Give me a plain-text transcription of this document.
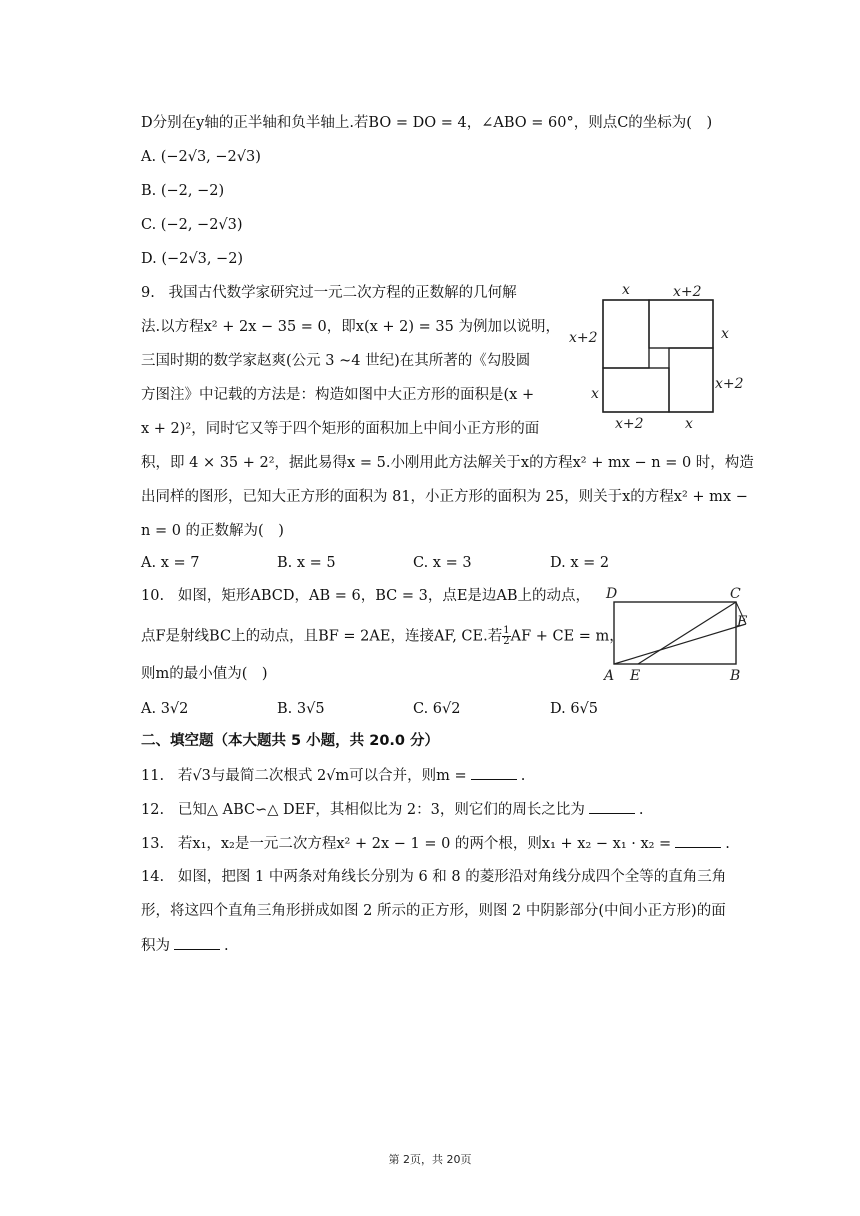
D分别在y轴的正半轴和负半轴上.若BO = DO = 4，∠ABO = 60°，则点C的坐标为(　)
A. (−2√3, −2√3)
B. (−2, −2)
C. (−2, −2√3)
D. (−2√3, −2)
9. 我国古代数学家研究过一元二次方程的正数解的几何解
法.以方程x² + 2x − 35 = 0，即x(x + 2) = 35 为例加以说明，
三国时期的数学家赵爽(公元 3 ~4 世纪)在其所著的《勾股圆
方图注》中记载的方法是：构造如图中大正方形的面积是(x +
x + 2)²，同时它又等于四个矩形的面积加上中间小正方形的面
积，即 4 × 35 + 2²，据此易得x = 5.小刚用此方法解关于x的方程x² + mx − n = 0 时，构造
出同样的图形，已知大正方形的面积为 81，小正方形的面积为 25，则关于x的方程x² + mx −
n = 0 的正数解为(　)
A. x = 7	B. x = 5	C. x = 3	D. x = 2
x	x+2
x+2
x
x
x+2
x+2	x
10. 如图，矩形ABCD，AB = 6，BC = 3，点E是边AB上的动点，
点F是射线BC上的动点，且BF = 2AE，连接AF, CE.若 $\frac{1}{2}$ AF + CE = m，
则m的最小值为(　)
A. 3√2	B. 3√5	C. 6√2	D. 6√5
D	C
F
A E	B
二、填空题（本大题共 5 小题，共 20.0 分）
11. 若√3与最简二次根式 2√m可以合并，则m =	.
12. 已知△ ABC∽△ DEF，其相似比为 2：3，则它们的周长之比为	.
13. 若x₁，x₂是一元二次方程x² + 2x − 1 = 0 的两个根，则x₁ + x₂ − x₁ · x₂ =	.
14. 如图，把图 1 中两条对角线长分别为 6 和 8 的菱形沿对角线分成四个全等的直角三角
形，将这四个直角三角形拼成如图 2 所示的正方形，则图 2 中阴影部分(中间小正方形)的面
积为	.
第 2页，共 20页
